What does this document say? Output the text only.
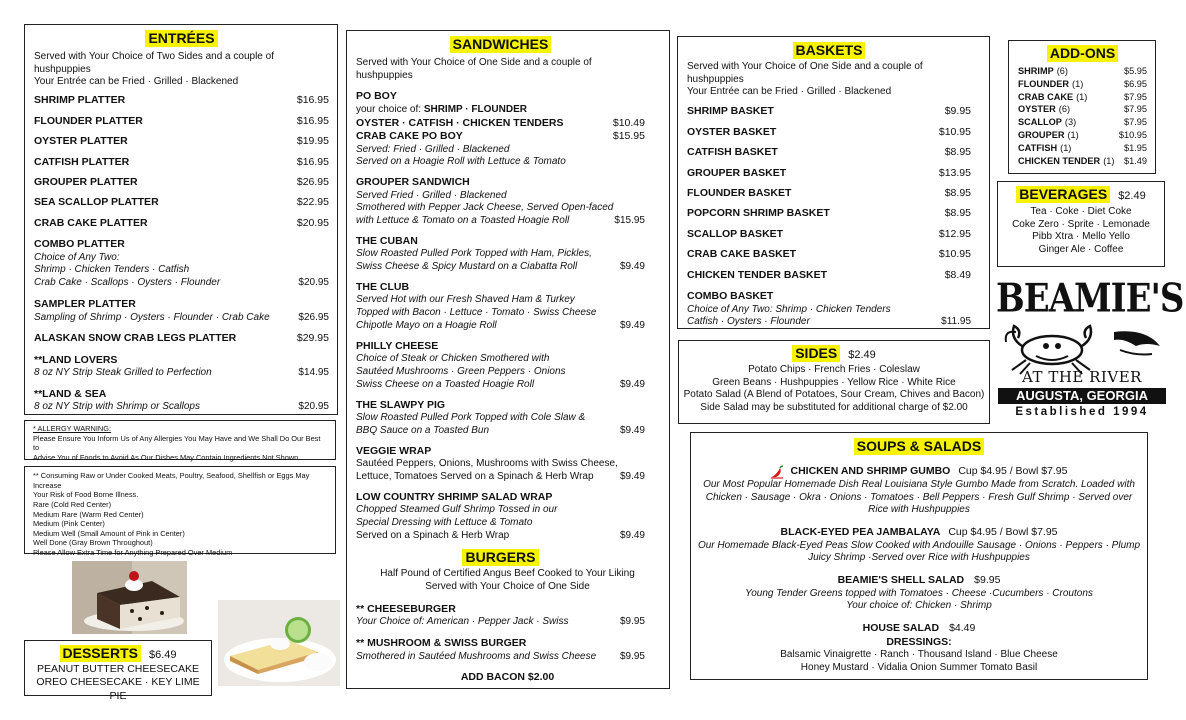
ENTRÉES
Served with Your Choice of Two Sides and a couple of hushpuppies
Your Entrée can be Fried · Grilled · Blackened
SHRIMP PLATTER	$16.95
FLOUNDER PLATTER	$16.95
OYSTER PLATTER	$19.95
CATFISH PLATTER	$16.95
GROUPER PLATTER	$26.95
SEA SCALLOP PLATTER	$22.95
CRAB CAKE PLATTER	$20.95
COMBO PLATTER
Choice of Any Two:
Shrimp · Chicken Tenders · Catfish
Crab Cake · Scallops · Oysters · Flounder	$20.95
SAMPLER PLATTER
Sampling of Shrimp · Oysters · Flounder · Crab Cake	$26.95
ALASKAN SNOW CRAB LEGS PLATTER	$29.95
**LAND LOVERS
8 oz NY Strip Steak Grilled to Perfection	$14.95
**LAND & SEA
8 oz NY Strip with Shrimp or Scallops	$20.95
* ALLERGY WARNING:
Please Ensure You Inform Us of Any Allergies You May Have and We Shall Do Our Best to
Advise You of Foods to Avoid As Our Dishes May Contain Ingredients Not Shown.
** Consuming Raw or Under Cooked Meats, Poultry, Seafood, Shellfish or Eggs May Increase
Your Risk of Food Borne Illness.
Rare (Cold Red Center)
Medium Rare (Warm Red Center)
Medium (Pink Center)
Medium Well (Small Amount of Pink in Center)
Well Done (Gray Brown Throughout)
Please Allow Extra Time for Anything Prepared Over Medium
DESSERTS $6.49
PEANUT BUTTER CHEESECAKE
OREO CHEESECAKE · KEY LIME PIE
SANDWICHES
Served with Your Choice of One Side and a couple of hushpuppies
PO BOY
your choice of: SHRIMP · FLOUNDER
OYSTER · CATFISH · CHICKEN TENDERS	$10.49
CRAB CAKE PO BOY	$15.95
Served: Fried · Grilled · Blackened
Served on a Hoagie Roll with Lettuce & Tomato
GROUPER SANDWICH
Served Fried · Grilled · Blackened
Smothered with Pepper Jack Cheese, Served Open-faced
with Lettuce & Tomato on a Toasted Hoagie Roll	$15.95
THE CUBAN
Slow Roasted Pulled Pork Topped with Ham, Pickles,
Swiss Cheese & Spicy Mustard on a Ciabatta Roll	$9.49
THE CLUB
Served Hot with our Fresh Shaved Ham & Turkey
Topped with Bacon · Lettuce · Tomato · Swiss Cheese
Chipotle Mayo on a Hoagie Roll	$9.49
PHILLY CHEESE
Choice of Steak or Chicken Smothered with
Sautéed Mushrooms · Green Peppers · Onions
Swiss Cheese on a Toasted Hoagie Roll	$9.49
THE SLAWPY PIG
Slow Roasted Pulled Pork Topped with Cole Slaw &
BBQ Sauce on a Toasted Bun	$9.49
VEGGIE WRAP
Sautéed Peppers, Onions, Mushrooms with Swiss Cheese,
Lettuce, Tomatoes Served on a Spinach & Herb Wrap	$9.49
LOW COUNTRY SHRIMP SALAD WRAP
Chopped Steamed Gulf Shrimp Tossed in our
Special Dressing with Lettuce & Tomato
Served on a Spinach & Herb Wrap	$9.49
BURGERS
Half Pound of Certified Angus Beef Cooked to Your Liking
Served with Your Choice of One Side
** CHEESEBURGER
Your Choice of: American · Pepper Jack · Swiss	$9.95
** MUSHROOM & SWISS BURGER
Smothered in Sautéed Mushrooms and Swiss Cheese $9.95
ADD BACON $2.00
BASKETS
Served with Your Choice of One Side and a couple of hushpuppies
Your Entrée can be Fried · Grilled · Blackened
SHRIMP BASKET	$9.95
OYSTER BASKET	$10.95
CATFISH BASKET	$8.95
GROUPER BASKET	$13.95
FLOUNDER BASKET	$8.95
POPCORN SHRIMP BASKET	$8.95
SCALLOP BASKET	$12.95
CRAB CAKE BASKET	$10.95
CHICKEN TENDER BASKET	$8.49
COMBO BASKET
Choice of Any Two: Shrimp · Chicken Tenders
Catfish · Oysters · Flounder	$11.95
ADD-ONS
SHRIMP (6)	$5.95
FLOUNDER (1)	$6.95
CRAB CAKE (1)	$7.95
OYSTER (6)	$7.95
SCALLOP (3)	$7.95
GROUPER (1)	$10.95
CATFISH (1)	$1.95
CHICKEN TENDER (1) $1.49
BEVERAGES $2.49
Tea · Coke · Diet Coke
Coke Zero · Sprite · Lemonade
Pibb Xtra · Mello Yello
Ginger Ale · Coffee
BEAMIE'S
AT THE RIVER
AUGUSTA, GEORGIA
Established 1994
SIDES $2.49
Potato Chips · French Fries · Coleslaw
Green Beans · Hushpuppies · Yellow Rice · White Rice
Potato Salad (A Blend of Potatoes, Sour Cream, Chives and Bacon)
Side Salad may be substituted for additional charge of $2.00
SOUPS & SALADS
CHICKEN AND SHRIMP GUMBO Cup $4.95 / Bowl $7.95
Our Most Popular Homemade Dish Real Louisiana Style Gumbo Made from Scratch. Loaded with
Chicken · Sausage · Okra · Onions · Tomatoes · Bell Peppers · Fresh Gulf Shrimp · Served over
Rice with Hushpuppies
BLACK-EYED PEA JAMBALAYA Cup $4.95 / Bowl $7.95
Our Homemade Black-Eyed Peas Slow Cooked with Andouille Sausage · Onions · Peppers · Plump
Juicy Shrimp ·Served over Rice with Hushpuppies
BEAMIE'S SHELL SALAD $9.95
Young Tender Greens topped with Tomatoes · Cheese ·Cucumbers · Croutons
Your choice of: Chicken · Shrimp
HOUSE SALAD $4.49
DRESSINGS:
Balsamic Vinaigrette · Ranch · Thousand Island · Blue Cheese
Honey Mustard · Vidalia Onion Summer Tomato Basil
